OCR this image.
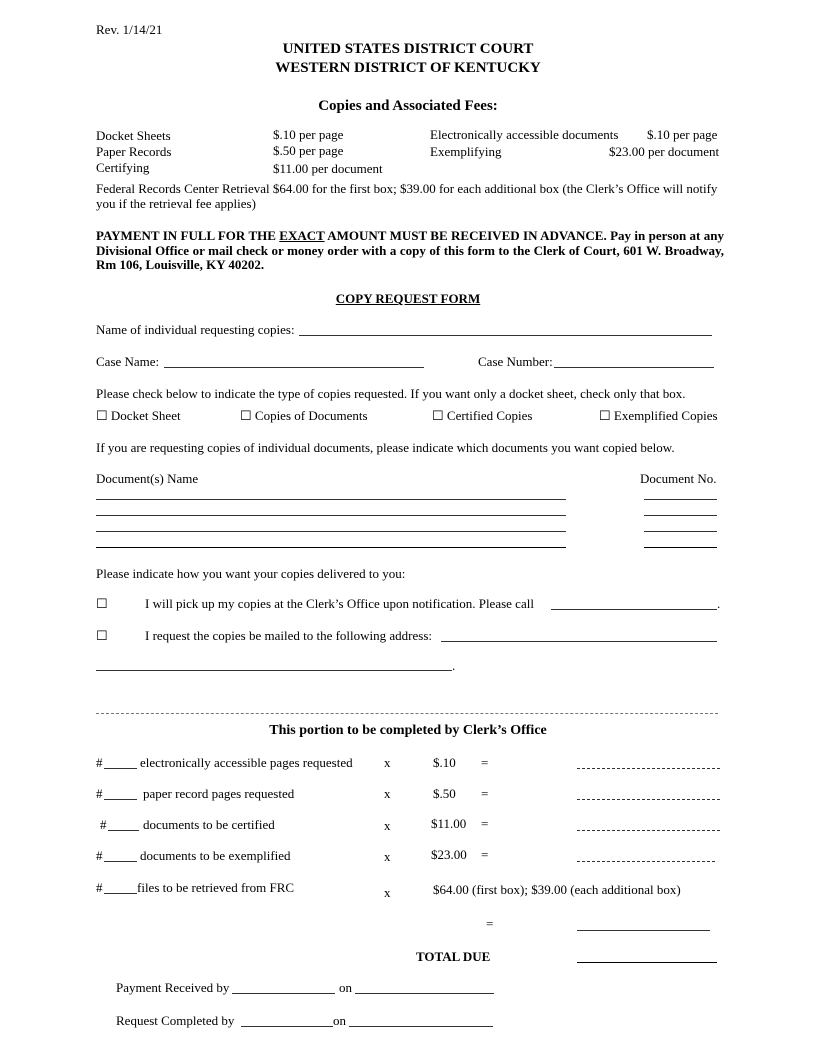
Rev. 1/14/21
UNITED STATES DISTRICT COURT
WESTERN DISTRICT OF KENTUCKY
Copies and Associated Fees:
Docket Sheets	$.10 per page
Paper Records	$.50 per page
Certifying	$11.00 per document
Electronically accessible documents $.10 per page
Exemplifying	$23.00 per document
Federal Records Center Retrieval $64.00 for the first box; $39.00 for each additional box (the Clerk’s Office will notify you if the retrieval fee applies)
PAYMENT IN FULL FOR THE EXACT AMOUNT MUST BE RECEIVED IN ADVANCE. Pay in person at any Divisional Office or mail check or money order with a copy of this form to the Clerk of Court, 601 W. Broadway, Rm 106, Louisville, KY 40202.
COPY REQUEST FORM
Name of individual requesting copies:
Case Name:	Case Number:
Please check below to indicate the type of copies requested. If you want only a docket sheet, check only that box.
☐ Docket Sheet	☐ Copies of Documents	☐ Certified Copies	☐ Exemplified Copies
If you are requesting copies of individual documents, please indicate which documents you want copied below.
Document(s) Name	Document No.
Please indicate how you want your copies delivered to you:
☐	I will pick up my copies at the Clerk’s Office upon notification. Please call	.
☐	I request the copies be mailed to the following address:
.
This portion to be completed by Clerk’s Office
#	electronically accessible pages requested x	$.10 =
#	paper record pages requested	x	$.50 =
#	documents to be certified	x	$11.00 =
#	documents to be exemplified	x	$23.00 =
#	files to be retrieved from FRC	x	$64.00 (first box); $39.00 (each additional box)
=
TOTAL DUE
Payment Received by	on
Request Completed by	on
